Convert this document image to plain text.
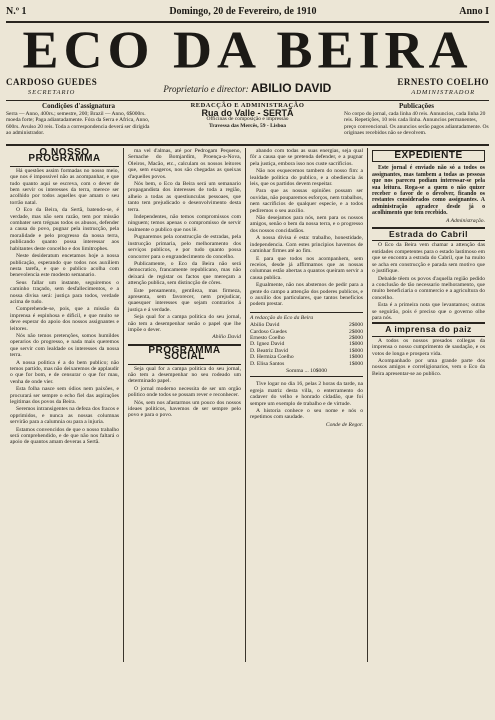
N.º 1	Domingo, 20 de Fevereiro, de 1910	Anno I
ECO DA BEIRA
CARDOSO GUEDES
SECRETARIO	Proprietario e director: ABILIO DAVID	ERNESTO COELHO
ADMINISTRADOR
Condições d'assignatura
Serra — Anno, 400rs.; semestre, 200; Brazil — Anno, 6$000rs. moeda forte; Paga adiantadamente. Fóra da Serra e Africa, Anno, 600rs. Avulso 20 reis. Toda a correspondencia deverá ser dirigida ao administrador.
REDACÇÃO E ADMINISTRAÇÃO
Rua do Valle - SERTÃ
Officinas de composição e impressão
Travessa das Mercês, 59 - Lisboa
Publicações
No corpo do jornal, cada linha 40 reis. Annuncios, cada linha 20 reis. Repetições, 10 reis cada linha. Annuncios permanentes, preço convencional. Os anuncios serão pagos adiantadamente. Os originaes recebidos não se devolvem.
O NOSSO PROGRAMMA

Há questões assim formadas no nosso meio, que nos é impossivel não as acompanhar, e que tudo quanto aqui se escreva, com o dever de bem servir os interesses da terra, merece ser acolhido por todos aquelles que amam o seu torrão natal.

O Eco da Beira, da Sertã, batendo-se, é verdade, mas não sem razão, tem por missão combater sem tréguas todos os abusos, defender a causa do povo, pugnar pela instrucção, pela moralidade e pelo progresso da nossa terra, publicando quanto possa interessar aos habitantes deste concelho e dos limitrophes.

Neste desideratum encetamos hoje a nossa publicação, esperando que todos nos auxiliem nesta tarefa, e que o publico acolha com benevolencia este modesto semanario.

Seus fallar um instante, seguiremos o caminho traçado, sem desfallecimentos, e a nossa divisa será: justiça para todos, verdade acima de tudo.

Comprehende-se, pois, que a missão da imprensa é espinhosa e dificil, e que muito se deve esperar do apoio dos nossos assignantes e leitores.

Nós não temos pretenções, somos humildes operarios do progresso, e nada mais queremos que servir com lealdade os interesses da nossa terra.

A nossa politica é a do bem publico; não temos partido, mas não deixaremos de applaudir o que for bom, e de censurar o que for mau, venha de onde vier.

Esta folha nasce sem ódios nem paixões, e procurará ser sempre o echo fiel das aspirações legitimas dos povos da Beira.

Seremos intransigentes na defeza dos fracos e opprimidos, e nunca as nossas columnas servirão para a calumnia ou para a injuria.

Estamos convencidos de que o nosso trabalho será comprehendido, e de que não nos faltará o apoio de quantos amam deveras a Sertã.

ma vel d'almas, até por Pedrogam Pequeno, Sernache do Bomjardim, Proença-a-Nova, Oleiros, Macão, etc., calculam os nossos leitores que, sem exageros, nos são chegadas as queixas d'aquelles povos.

Nós bem, o Eco da Beira será um semanario propagandista dos interesses de toda a região, alheio a todas as questiunculas pessoaes, que tanto tem prejudicado o desenvolvimento desta terra.

Independentes, não temos compromissos com ninguem; temos apenas o compromisso de servir lealmente o publico que nos lê.

Pugnaremos pela construcção de estradas, pela instrucção primaria, pelo melhoramento dos serviços publicos, e por tudo quanto possa concorrer para o engrandecimento do concelho.

Publicamente, o Eco da Beira não será democratico, francamente republicano, mas não deixará de registar os factos que mereçam a attenção publica, sem distincção de côres.

Este pensamento, gentileza, mas firmeza, apresenta, sem favorecer, nem prejudicar, quaesquer interesses que sejam contrarios á justiça e á verdade.

Seja qual for a campa politica do seu jornal, não tem a desempenhar senão o papel que lhe impõe o dever.

Abilio David
PROGRAMMA SOCIAL

Seja qual for a campa politica do seu jornal, não tem a desempenhar no seu rodeado um determinado papel.

O jornal moderno necessita de ser um orgão politico onde todos se possam rever e reconhecer.

Nós, sem nos afastarmos um pouco dos nossos ideaes politicos, havemos de ser sempre pelo povo e para o povo.

abando com todas as suas energias, seja qual fôr a causa que se pretenda defender, e a pugnar pela justiça, embora isso nos custe sacrificios.

Não nos esquecemos tambem do nosso fim: a lealdade politica do publico, e a obediencia ás leis, que os partidos devem respeitar.

Para que as nossas opiniões possam ser ouvidas, não pouparemos esforços, nem trabalhos, nem sacrificios de qualquer especie, e a todos pediremos o seu auxilio.

Não desejamos para nós, nem para os nossos amigos, senão o bem da nossa terra, e o progresso dos nossos concidadãos.

A nossa divisa é esta: trabalho, honestidade, independencia. Com estes principios havemos de caminhar firmes até ao fim.

E para que todos nos acompanhem, sem receios, desde já affirmamos que as nossas columnas estão abertas a quantos queiram servir a causa publica.

Egualmente, não nos abstemos de pedir para a gente do campo a attenção dos poderes publicos, e o auxilio dos particulares, que tantos beneficios podem prestar.

A redacção do Eco da Beira
Abilio David	2$000
Cardoso Guedes	2$000
Ernesto Coelho	2$000
D. Ignez David	1$000
D. Beatriz David	1$000
D. Hermiza Coelho	1$000
D. Elisa Santos	1$000
Somma ... 10$000

Tive logar no dia 16, pelas 2 horas da tarde, na egreja matriz desta villa, o enterramento do cadaver do velho e honrado cidadão, que foi sempre um exemplo de trabalho e de virtude.

A historia conhece o seu nome e nós o repetimos com saudade.

Conde de Regor.
EXPEDIENTE

Este jornal é enviado não só a todos os assignantes, mas tambem a todas as pessoas que nos pareceu podiam interessar-se pela sua leitura. Roga-se a quem o não quizer receber o favor de o devolver, ficando os restantes considerados como assignantes. A administração agradece desde já o acolhimento que tem recebido.

A Administração.
Estrada do Cabril

O Eco da Beira vem chamar a attenção das entidades competentes para o estado lastimoso em que se encontra a estrada do Cabril, que ha muito se acha em construcção e parada sem motivo que o justifique.

Debalde têem os povos d'aquella região pedido a conclusão de tão necessario melhoramento, que muito beneficiaria o commercio e a agricultura do concelho.

Esta é a primeira nota que levantamos; outras se seguirão, pois é preciso que o governo olhe para nós.

A imprensa do paiz

A todos os nossos presados collegas da imprensa o nosso cumprimento de saudação, e os votos de longa e prospera vida.

Acompanhado por uma grande parte dos nossos amigos e correligionarios, vem o Eco da Beira apresentar-se ao publico.
